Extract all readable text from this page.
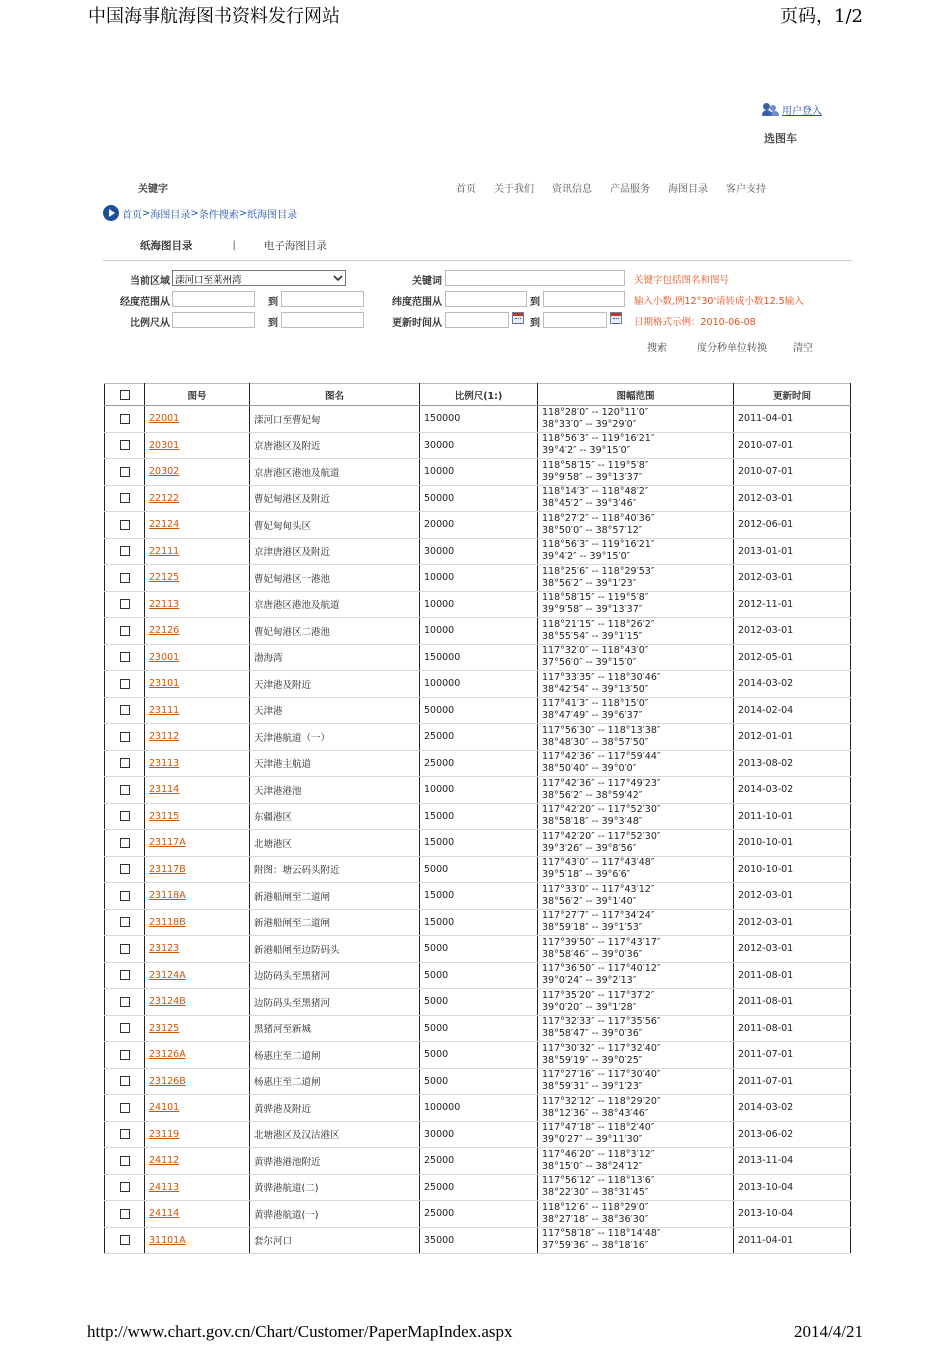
中国海事航海图书资料发行网站	页码，1/2
http://www.chart.gov.cn/Chart/Customer/PaperMapIndex.aspx	2014/4/21
用户登入
选图车
关键字	首页 关于我们 资讯信息 产品服务 海图目录 客户支持
首页 > 海图目录 > 条件搜索 > 纸海图目录
纸海图目录	|	电子海图目录
当前区域 滦河口至莱州湾	关键词	关键字包括图名和图号
经度范围从	到	纬度范围从	到	输入小数,例12°30'请转成小数12.5输入
比例尺从	到	更新时间从	到	日期格式示例：2010-06-08
搜索	度分秒单位转换	清空
	图号	图名	比例尺(1:)	图幅范围	更新时间
	22001	滦河口至曹妃甸	150000	118°28′0″ -- 120°11′0″
38°33′0″ -- 39°29′0″	2011-04-01
	20301	京唐港区及附近	30000	118°56′3″ -- 119°16′21″
39°4′2″ -- 39°15′0″	2010-07-01
	20302	京唐港区港池及航道	10000	118°58′15″ -- 119°5′8″
39°9′58″ -- 39°13′37″	2010-07-01
	22122	曹妃甸港区及附近	50000	118°14′3″ -- 118°48′2″
38°45′2″ -- 39°3′46″	2012-03-01
	22124	曹妃甸甸头区	20000	118°27′2″ -- 118°40′36″
38°50′0″ -- 38°57′12″	2012-06-01
	22111	京津唐港区及附近	30000	118°56′3″ -- 119°16′21″
39°4′2″ -- 39°15′0″	2013-01-01
	22125	曹妃甸港区一港池	10000	118°25′6″ -- 118°29′53″
38°56′2″ -- 39°1′23″	2012-03-01
	22113	京唐港区港池及航道	10000	118°58′15″ -- 119°5′8″
39°9′58″ -- 39°13′37″	2012-11-01
	22126	曹妃甸港区二港池	10000	118°21′15″ -- 118°26′2″
38°55′54″ -- 39°1′15″	2012-03-01
	23001	渤海湾	150000	117°32′0″ -- 118°43′0″
37°56′0″ -- 39°15′0″	2012-05-01
	23101	天津港及附近	100000	117°33′35″ -- 118°30′46″
38°42′54″ -- 39°13′50″	2014-03-02
	23111	天津港	50000	117°41′3″ -- 118°15′0″
38°47′49″ -- 39°6′37″	2014-02-04
	23112	天津港航道（一）	25000	117°56′30″ -- 118°13′38″
38°48′30″ -- 38°57′50″	2012-01-01
	23113	天津港主航道	25000	117°42′36″ -- 117°59′44″
38°50′40″ -- 39°0′0″	2013-08-02
	23114	天津港港池	10000	117°42′36″ -- 117°49′23″
38°56′2″ -- 38°59′42″	2014-03-02
	23115	东疆港区	15000	117°42′20″ -- 117°52′30″
38°58′18″ -- 39°3′48″	2011-10-01
	23117A	北塘港区	15000	117°42′20″ -- 117°52′30″
39°3′26″ -- 39°8′56″	2010-10-01
	23117B	附图：塘云码头附近	5000	117°43′0″ -- 117°43′48″
39°5′18″ -- 39°6′6″	2010-10-01
	23118A	新港船闸至二道闸	15000	117°33′0″ -- 117°43′12″
38°56′2″ -- 39°1′40″	2012-03-01
	23118B	新港船闸至二道闸	15000	117°27′7″ -- 117°34′24″
38°59′18″ -- 39°1′53″	2012-03-01
	23123	新港船闸至边防码头	5000	117°39′50″ -- 117°43′17″
38°58′46″ -- 39°0′36″	2012-03-01
	23124A	边防码头至黑猪河	5000	117°36′50″ -- 117°40′12″
39°0′24″ -- 39°2′13″	2011-08-01
	23124B	边防码头至黑猪河	5000	117°35′20″ -- 117°37′2″
39°0′20″ -- 39°1′28″	2011-08-01
	23125	黑猪河至新城	5000	117°32′33″ -- 117°35′56″
38°58′47″ -- 39°0′36″	2011-08-01
	23126A	杨惠庄至二道闸	5000	117°30′32″ -- 117°32′40″
38°59′19″ -- 39°0′25″	2011-07-01
	23126B	杨惠庄至二道闸	5000	117°27′16″ -- 117°30′40″
38°59′31″ -- 39°1′23″	2011-07-01
	24101	黄骅港及附近	100000	117°32′12″ -- 118°29′20″
38°12′36″ -- 38°43′46″	2014-03-02
	23119	北塘港区及汉沽港区	30000	117°47′18″ -- 118°2′40″
39°0′27″ -- 39°11′30″	2013-06-02
	24112	黄骅港港池附近	25000	117°46′20″ -- 118°3′12″
38°15′0″ -- 38°24′12″	2013-11-04
	24113	黄骅港航道(二)	25000	117°56′12″ -- 118°13′6″
38°22′30″ -- 38°31′45″	2013-10-04
	24114	黄骅港航道(一)	25000	118°12′6″ -- 118°29′0″
38°27′18″ -- 38°36′30″	2013-10-04
	31101A	套尔河口	35000	117°58′18″ -- 118°14′48″
37°59′36″ -- 38°18′16″	2011-04-01
